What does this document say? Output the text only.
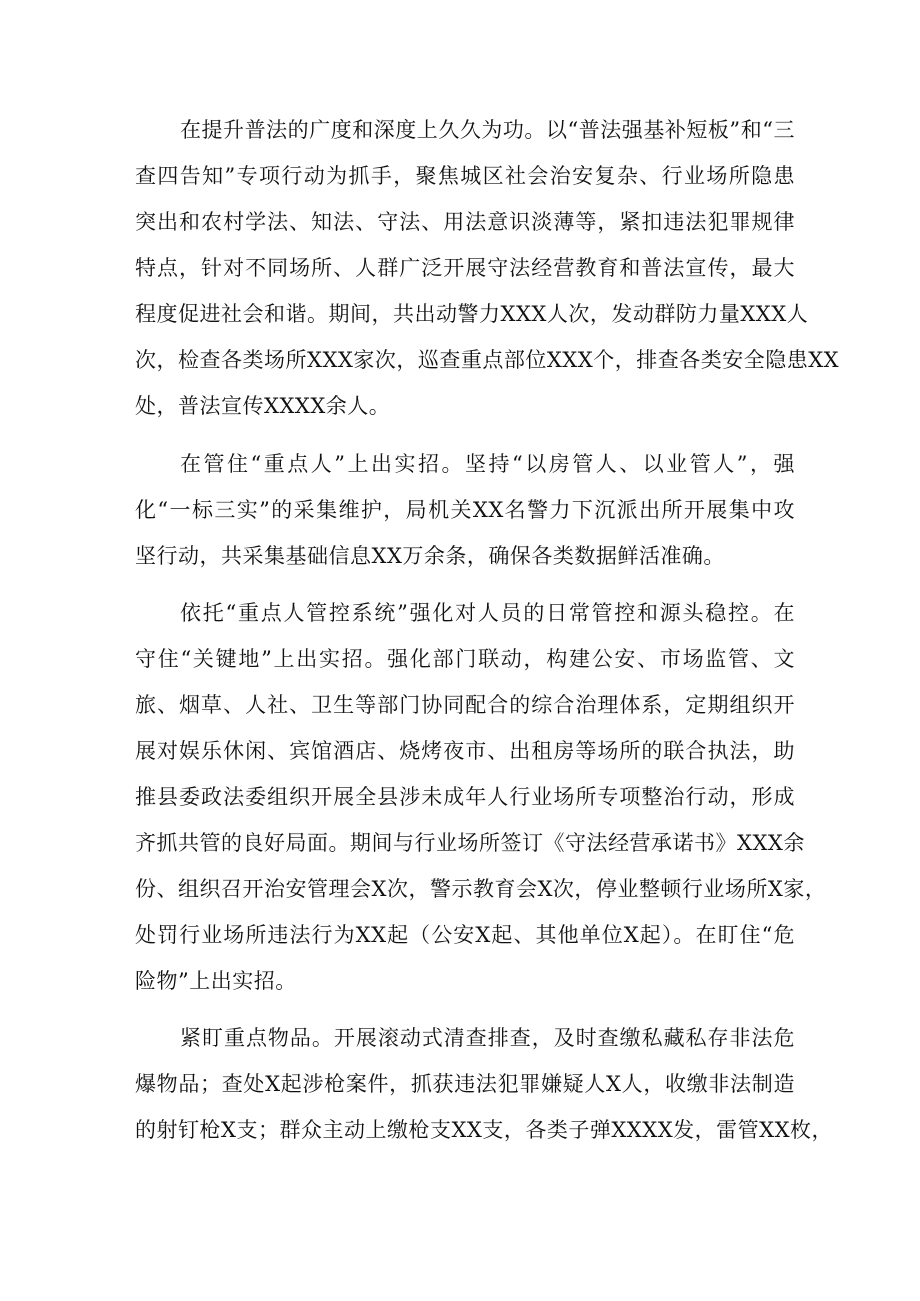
在提升普法的广度和深度上久久为功。以“普法强基补短板”和“三
查四告知”专项行动为抓手，聚焦城区社会治安复杂、行业场所隐患
突出和农村学法、知法、守法、用法意识淡薄等，紧扣违法犯罪规律
特点，针对不同场所、人群广泛开展守法经营教育和普法宣传，最大
程度促进社会和谐。期间，共出动警力XXX人次，发动群防力量XXX人
次，检查各类场所XXX家次，巡查重点部位XXX个，排查各类安全隐患XX
处，普法宣传XXXX余人。
在管住“重点人”上出实招。坚持“以房管人、以业管人”，强
化“一标三实”的采集维护，局机关XX名警力下沉派出所开展集中攻
坚行动，共采集基础信息XX万余条，确保各类数据鲜活准确。
依托“重点人管控系统”强化对人员的日常管控和源头稳控。在
守住“关键地”上出实招。强化部门联动，构建公安、市场监管、文
旅、烟草、人社、卫生等部门协同配合的综合治理体系，定期组织开
展对娱乐休闲、宾馆酒店、烧烤夜市、出租房等场所的联合执法，助
推县委政法委组织开展全县涉未成年人行业场所专项整治行动，形成
齐抓共管的良好局面。期间与行业场所签订《守法经营承诺书》XXX余
份、组织召开治安管理会X次，警示教育会X次，停业整顿行业场所X家，
处罚行业场所违法行为XX起（公安X起、其他单位X起）。在盯住“危
险物”上出实招。
紧盯重点物品。开展滚动式清查排查，及时查缴私藏私存非法危
爆物品；查处X起涉枪案件，抓获违法犯罪嫌疑人X人，收缴非法制造
的射钉枪X支；群众主动上缴枪支XX支，各类子弹XXXX发，雷管XX枚，
